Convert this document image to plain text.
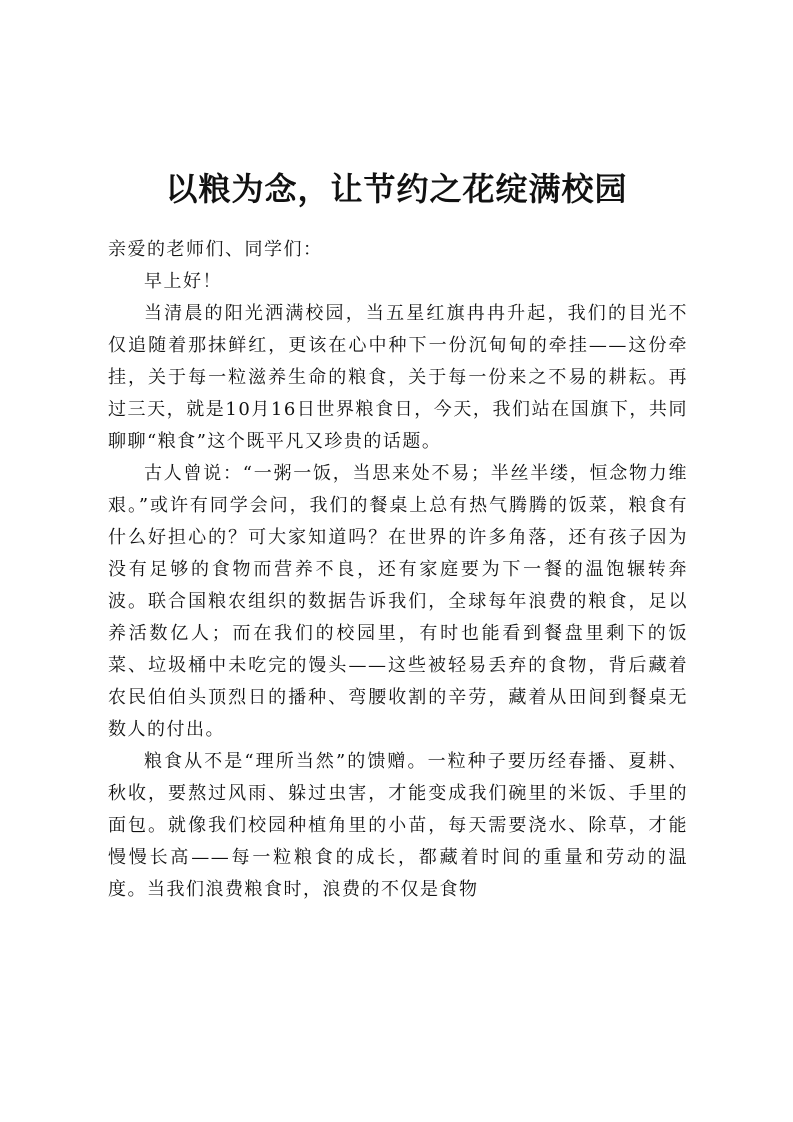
以粮为念，让节约之花绽满校园

亲爱的老师们、同学们：

早上好！

当清晨的阳光洒满校园，当五星红旗冉冉升起，我们的目光不仅追随着那抹鲜红，更该在心中种下一份沉甸甸的牵挂——这份牵挂，关于每一粒滋养生命的粮食，关于每一份来之不易的耕耘。再过三天，就是10月16日世界粮食日，今天，我们站在国旗下，共同聊聊“粮食”这个既平凡又珍贵的话题。

古人曾说：“一粥一饭，当思来处不易；半丝半缕，恒念物力维艰。”或许有同学会问，我们的餐桌上总有热气腾腾的饭菜，粮食有什么好担心的？可大家知道吗？在世界的许多角落，还有孩子因为没有足够的食物而营养不良，还有家庭要为下一餐的温饱辗转奔波。联合国粮农组织的数据告诉我们，全球每年浪费的粮食，足以养活数亿人；而在我们的校园里，有时也能看到餐盘里剩下的饭菜、垃圾桶中未吃完的馒头——这些被轻易丢弃的食物，背后藏着农民伯伯头顶烈日的播种、弯腰收割的辛劳，藏着从田间到餐桌无数人的付出。

粮食从不是“理所当然”的馈赠。一粒种子要历经春播、夏耕、秋收，要熬过风雨、躲过虫害，才能变成我们碗里的米饭、手里的面包。就像我们校园种植角里的小苗，每天需要浇水、除草，才能慢慢长高——每一粒粮食的成长，都藏着时间的重量和劳动的温度。当我们浪费粮食时，浪费的不仅是食物
